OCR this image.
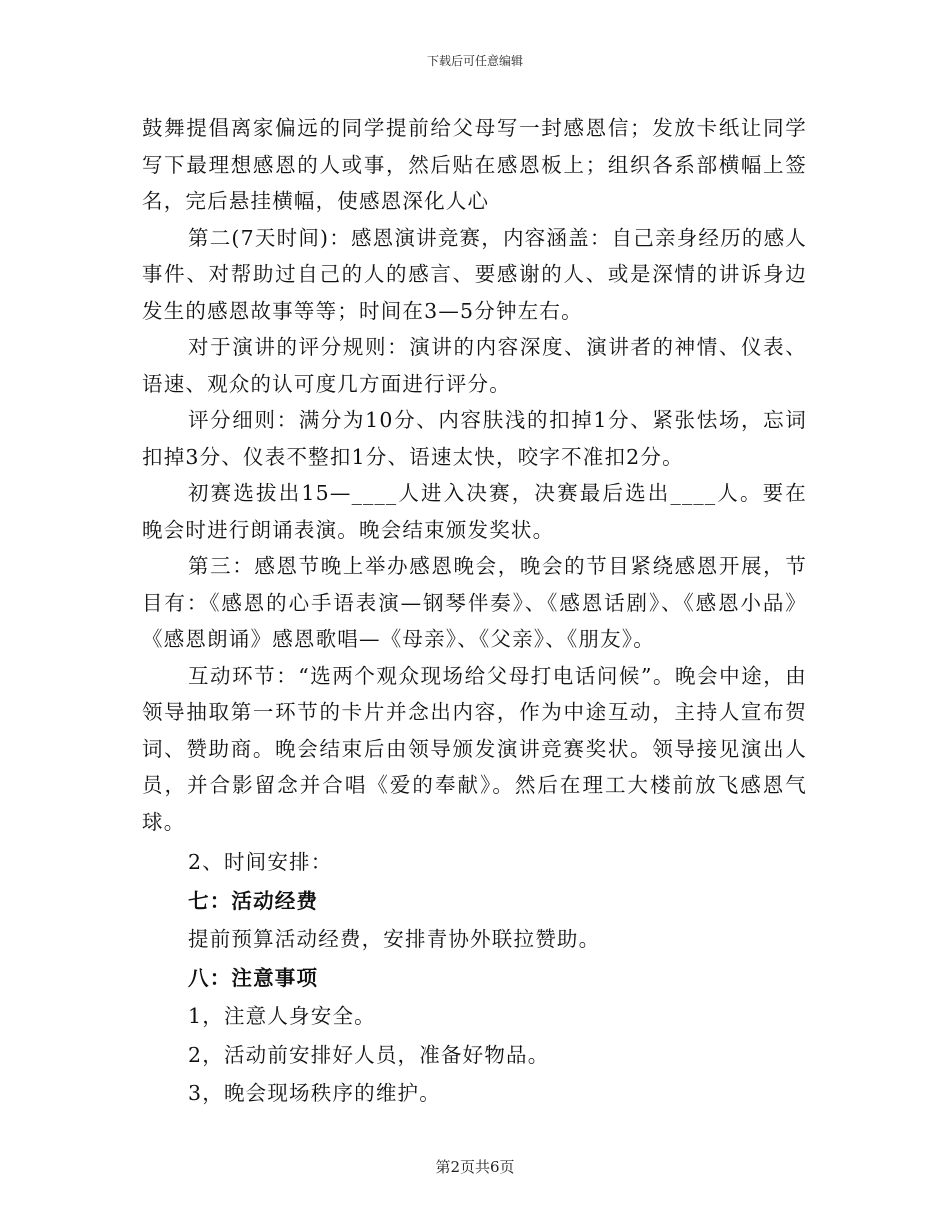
下载后可任意编辑

鼓舞提倡离家偏远的同学提前给父母写一封感恩信；发放卡纸让同学写下最理想感恩的人或事，然后贴在感恩板上；组织各系部横幅上签名，完后悬挂横幅，使感恩深化人心

第二(7天时间)：感恩演讲竞赛，内容涵盖：自己亲身经历的感人事件、对帮助过自己的人的感言、要感谢的人、或是深情的讲诉身边发生的感恩故事等等；时间在3—5分钟左右。

对于演讲的评分规则：演讲的内容深度、演讲者的神情、仪表、语速、观众的认可度几方面进行评分。

评分细则：满分为10分、内容肤浅的扣掉1分、紧张怯场，忘词扣掉3分、仪表不整扣1分、语速太快，咬字不准扣2分。

初赛选拔出15—____人进入决赛，决赛最后选出____人。要在晚会时进行朗诵表演。晚会结束颁发奖状。

第三：感恩节晚上举办感恩晚会，晚会的节目紧绕感恩开展，节目有：《感恩的心手语表演—钢琴伴奏》、《感恩话剧》、《感恩小品》《感恩朗诵》感恩歌唱—《母亲》、《父亲》、《朋友》。

互动环节：“选两个观众现场给父母打电话问候”。晚会中途，由领导抽取第一环节的卡片并念出内容，作为中途互动，主持人宣布贺词、赞助商。晚会结束后由领导颁发演讲竞赛奖状。领导接见演出人员，并合影留念并合唱《爱的奉献》。然后在理工大楼前放飞感恩气球。

2、时间安排：

七：活动经费

提前预算活动经费，安排青协外联拉赞助。

八：注意事项

1，注意人身安全。

2，活动前安排好人员，准备好物品。

3，晚会现场秩序的维护。

第2页共6页
